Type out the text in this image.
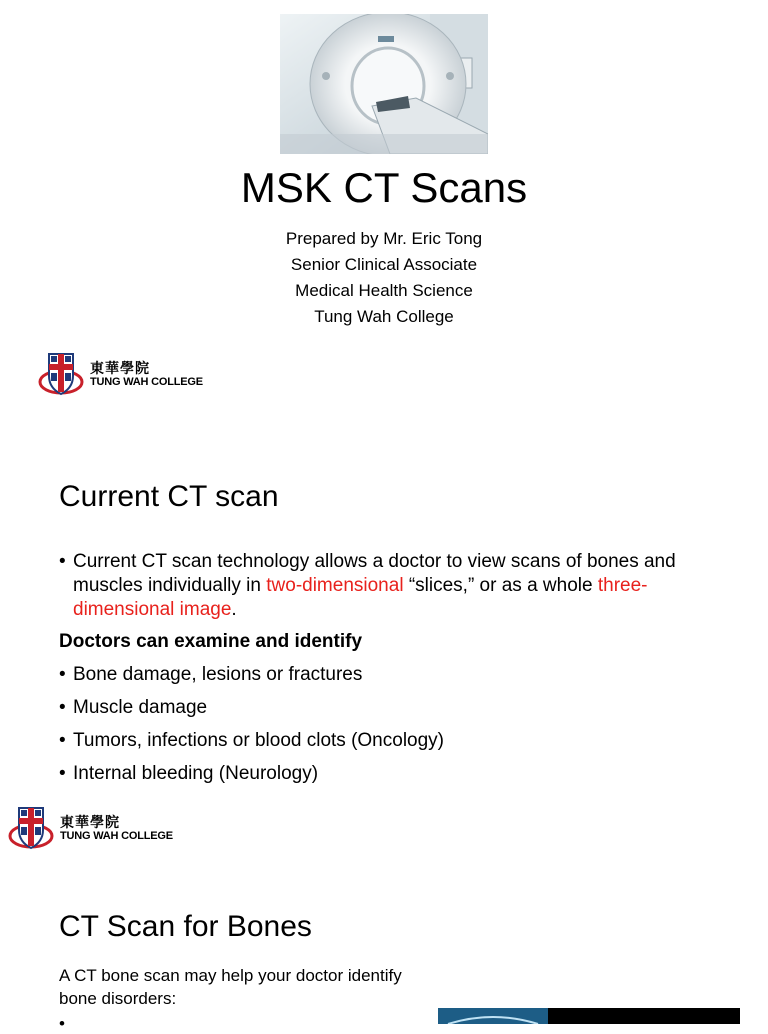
MSK CT Scans
Prepared by Mr. Eric Tong
Senior Clinical Associate
Medical Health Science
Tung Wah College
東華學院
TUNG WAH COLLEGE
Current CT scan
• Current CT scan technology allows a doctor to view scans of bones and muscles individually in two-dimensional “slices,” or as a whole three-dimensional image.
Doctors can examine and identify
• Bone damage, lesions or fractures
• Muscle damage
• Tumors, infections or blood clots (Oncology)
• Internal bleeding (Neurology)
東華學院
TUNG WAH COLLEGE
CT Scan for Bones
A CT bone scan may help your doctor identify bone disorders:
•
